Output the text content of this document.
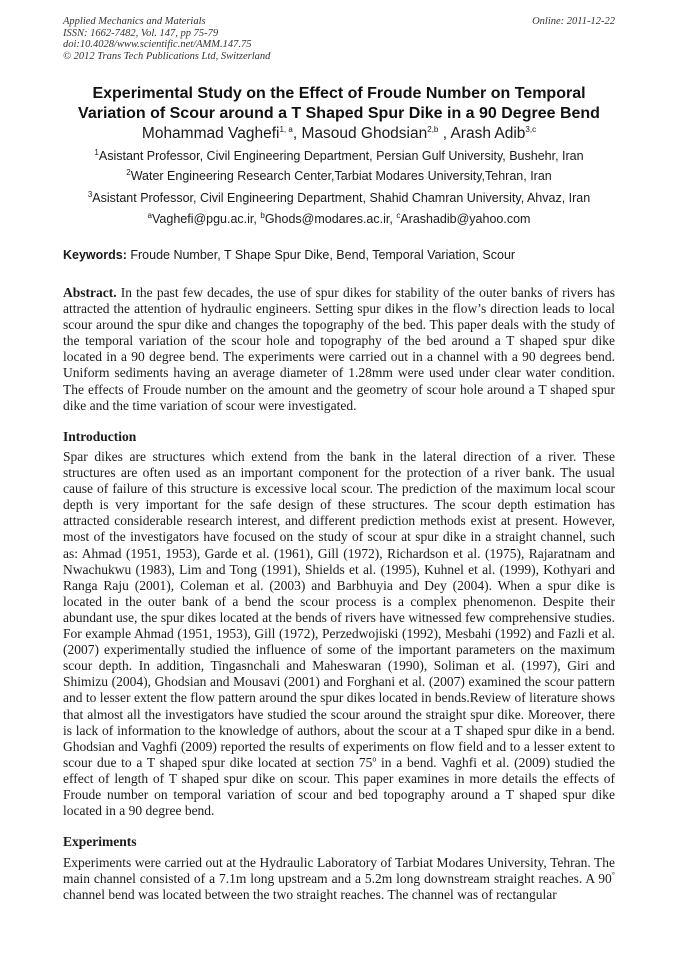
Applied Mechanics and Materials
ISSN: 1662-7482, Vol. 147, pp 75-79
doi:10.4028/www.scientific.net/AMM.147.75
© 2012 Trans Tech Publications Ltd, Switzerland
Online: 2011-12-22
Experimental Study on the Effect of Froude Number on Temporal
Variation of Scour around a T Shaped Spur Dike in a 90 Degree Bend
Mohammad Vaghefi$^{1, a}$, Masoud Ghodsian$^{2,b}$ , Arash Adib$^{3,c}$
$^1$Asistant Professor, Civil Engineering Department, Persian Gulf University, Bushehr, Iran
$^2$Water Engineering Research Center,Tarbiat Modares University,Tehran, Iran
$^3$Asistant Professor, Civil Engineering Department, Shahid Chamran University, Ahvaz, Iran
$^a$Vaghefi@pgu.ac.ir, $^b$Ghods@modares.ac.ir, $^c$Arashadib@yahoo.com
Keywords: Froude Number, T Shape Spur Dike, Bend, Temporal Variation, Scour
Abstract. In the past few decades, the use of spur dikes for stability of the outer banks of rivers has attracted the attention of hydraulic engineers. Setting spur dikes in the flow’s direction leads to local scour around the spur dike and changes the topography of the bed. This paper deals with the study of the temporal variation of the scour hole and topography of the bed around a T shaped spur dike located in a 90 degree bend. The experiments were carried out in a channel with a 90 degrees bend. Uniform sediments having an average diameter of 1.28mm were used under clear water condition. The effects of Froude number on the amount and the geometry of scour hole around a T shaped spur dike and the time variation of scour were investigated.
Introduction
Spar dikes are structures which extend from the bank in the lateral direction of a river. These structures are often used as an important component for the protection of a river bank. The usual cause of failure of this structure is excessive local scour. The prediction of the maximum local scour depth is very important for the safe design of these structures. The scour depth estimation has attracted considerable research interest, and different prediction methods exist at present. However, most of the investigators have focused on the study of scour at spur dike in a straight channel, such as: Ahmad (1951, 1953), Garde et al. (1961), Gill (1972), Richardson et al. (1975), Rajaratnam and Nwachukwu (1983), Lim and Tong (1991), Shields et al. (1995), Kuhnel et al. (1999), Kothyari and Ranga Raju (2001), Coleman et al. (2003) and Barbhuyia and Dey (2004). When a spur dike is located in the outer bank of a bend the scour process is a complex phenomenon. Despite their abundant use, the spur dikes located at the bends of rivers have witnessed few comprehensive studies. For example Ahmad (1951, 1953), Gill (1972), Perzedwojiski (1992), Mesbahi (1992) and Fazli et al. (2007) experimentally studied the influence of some of the important parameters on the maximum scour depth. In addition, Tingasnchali and Maheswaran (1990), Soliman et al. (1997), Giri and Shimizu (2004), Ghodsian and Mousavi (2001) and Forghani et al. (2007) examined the scour pattern and to lesser extent the flow pattern around the spur dikes located in bends.Review of literature shows that almost all the investigators have studied the scour around the straight spur dike. Moreover, there is lack of information to the knowledge of authors, about the scour at a T shaped spur dike in a bend. Ghodsian and Vaghfi (2009) reported the results of experiments on flow field and to a lesser extent to scour due to a T shaped spur dike located at section 75$^o$ in a bend. Vaghfi et al. (2009) studied the effect of length of T shaped spur dike on scour. This paper examines in more details the effects of Froude number on temporal variation of scour and bed topography around a T shaped spur dike located in a 90 degree bend.
Experiments
Experiments were carried out at the Hydraulic Laboratory of Tarbiat Modares University, Tehran. The main channel consisted of a 7.1m long upstream and a 5.2m long downstream straight reaches. A 90° channel bend was located between the two straight reaches. The channel was of rectangular
